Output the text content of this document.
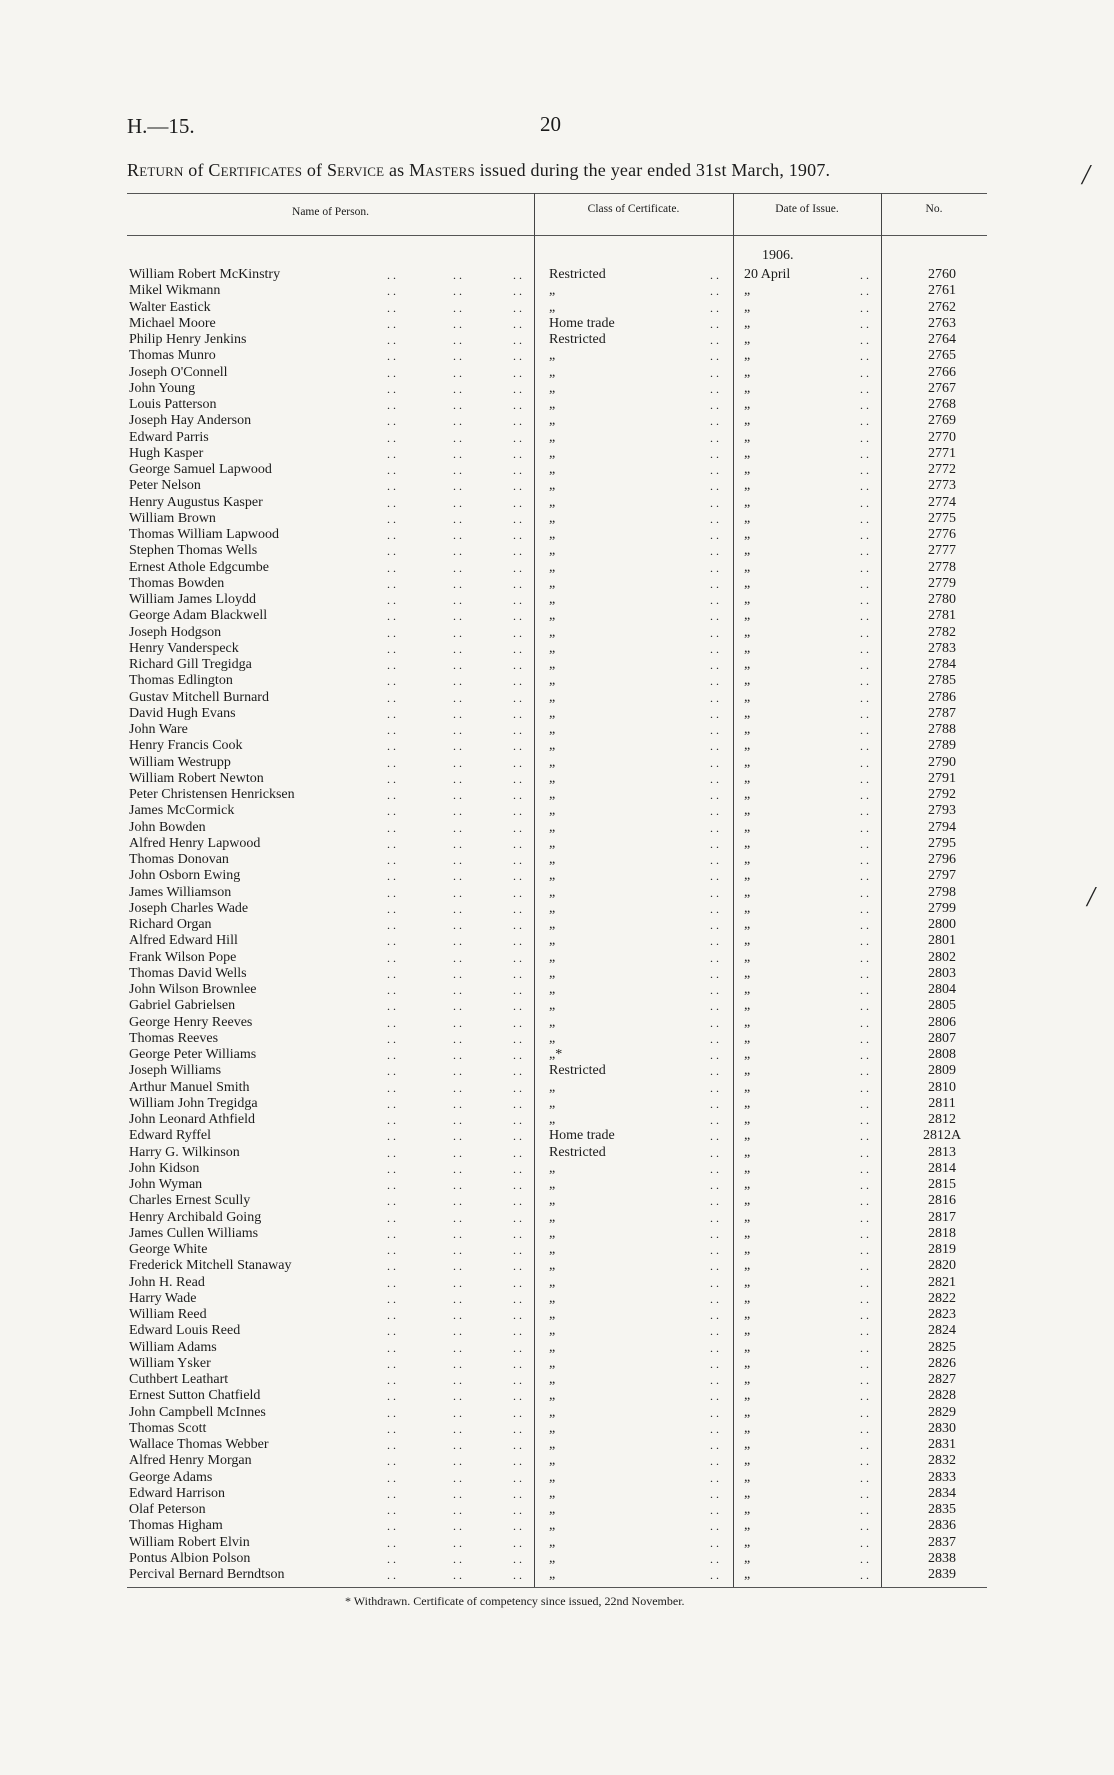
H.—15.	20
Return of Certificates of Service as Masters issued during the year ended 31st March, 1907.
Name of Person.	Class of Certificate.	Date of Issue.	No.
1906.
William Robert McKinstry	..	..	.. Restricted	.. 20 April	..	2760
Mikel Wikmann	..	..	.. „	.. „	..	2761
Walter Eastick	..	..	.. „	.. „	..	2762
Michael Moore	..	..	.. Home trade	.. „	..	2763
Philip Henry Jenkins	..	..	.. Restricted	.. „	..	2764
Thomas Munro	..	..	.. „	.. „	..	2765
Joseph O'Connell	..	..	.. „	.. „	..	2766
John Young	..	..	.. „	.. „	..	2767
Louis Patterson	..	..	.. „	.. „	..	2768
Joseph Hay Anderson	..	..	.. „	.. „	..	2769
Edward Parris	..	..	.. „	.. „	..	2770
Hugh Kasper	..	..	.. „	.. „	..	2771
George Samuel Lapwood	..	..	.. „	.. „	..	2772
Peter Nelson	..	..	.. „	.. „	..	2773
Henry Augustus Kasper	..	..	.. „	.. „	..	2774
William Brown	..	..	.. „	.. „	..	2775
Thomas William Lapwood	..	..	.. „	.. „	..	2776
Stephen Thomas Wells	..	..	.. „	.. „	..	2777
Ernest Athole Edgcumbe	..	..	.. „	.. „	..	2778
Thomas Bowden	..	..	.. „	.. „	..	2779
William James Lloydd	..	..	.. „	.. „	..	2780
George Adam Blackwell	..	..	.. „	.. „	..	2781
Joseph Hodgson	..	..	.. „	.. „	..	2782
Henry Vanderspeck	..	..	.. „	.. „	..	2783
Richard Gill Tregidga	..	..	.. „	.. „	..	2784
Thomas Edlington	..	..	.. „	.. „	..	2785
Gustav Mitchell Burnard	..	..	.. „	.. „	..	2786
David Hugh Evans	..	..	.. „	.. „	..	2787
John Ware	..	..	.. „	.. „	..	2788
Henry Francis Cook	..	..	.. „	.. „	..	2789
William Westrupp	..	..	.. „	.. „	..	2790
William Robert Newton	..	..	.. „	.. „	..	2791
Peter Christensen Henricksen	..	..	.. „	.. „	..	2792
James McCormick	..	..	.. „	.. „	..	2793
John Bowden	..	..	.. „	.. „	..	2794
Alfred Henry Lapwood	..	..	.. „	.. „	..	2795
Thomas Donovan	..	..	.. „	.. „	..	2796
John Osborn Ewing	..	..	.. „	.. „	..	2797
James Williamson	..	..	.. „	.. „	..	2798
Joseph Charles Wade	..	..	.. „	.. „	..	2799
Richard Organ	..	..	.. „	.. „	..	2800
Alfred Edward Hill	..	..	.. „	.. „	..	2801
Frank Wilson Pope	..	..	.. „	.. „	..	2802
Thomas David Wells	..	..	.. „	.. „	..	2803
John Wilson Brownlee	..	..	.. „	.. „	..	2804
Gabriel Gabrielsen	..	..	.. „	.. „	..	2805
George Henry Reeves	..	..	.. „	.. „	..	2806
Thomas Reeves	..	..	.. „	.. „	..	2807
George Peter Williams	..	..	.. „*	.. „	..	2808
Joseph Williams	..	..	.. Restricted	.. „	..	2809
Arthur Manuel Smith	..	..	.. „	.. „	..	2810
William John Tregidga	..	..	.. „	.. „	..	2811
John Leonard Athfield	..	..	.. „	.. „	..	2812
Edward Ryffel	..	..	.. Home trade	.. „	..	2812A
Harry G. Wilkinson	..	..	.. Restricted	.. „	..	2813
John Kidson	..	..	.. „	.. „	..	2814
John Wyman	..	..	.. „	.. „	..	2815
Charles Ernest Scully	..	..	.. „	.. „	..	2816
Henry Archibald Going	..	..	.. „	.. „	..	2817
James Cullen Williams	..	..	.. „	.. „	..	2818
George White	..	..	.. „	.. „	..	2819
Frederick Mitchell Stanaway	..	..	.. „	.. „	..	2820
John H. Read	..	..	.. „	.. „	..	2821
Harry Wade	..	..	.. „	.. „	..	2822
William Reed	..	..	.. „	.. „	..	2823
Edward Louis Reed	..	..	.. „	.. „	..	2824
William Adams	..	..	.. „	.. „	..	2825
William Ysker	..	..	.. „	.. „	..	2826
Cuthbert Leathart	..	..	.. „	.. „	..	2827
Ernest Sutton Chatfield	..	..	.. „	.. „	..	2828
John Campbell McInnes	..	..	.. „	.. „	..	2829
Thomas Scott	..	..	.. „	.. „	..	2830
Wallace Thomas Webber	..	..	.. „	.. „	..	2831
Alfred Henry Morgan	..	..	.. „	.. „	..	2832
George Adams	..	..	.. „	.. „	..	2833
Edward Harrison	..	..	.. „	.. „	..	2834
Olaf Peterson	..	..	.. „	.. „	..	2835
Thomas Higham	..	..	.. „	.. „	..	2836
William Robert Elvin	..	..	.. „	.. „	..	2837
Pontus Albion Polson	..	..	.. „	.. „	..	2838
Percival Bernard Berndtson	..	..	.. „	.. „	..	2839
* Withdrawn. Certificate of competency since issued, 22nd November.
/
/
